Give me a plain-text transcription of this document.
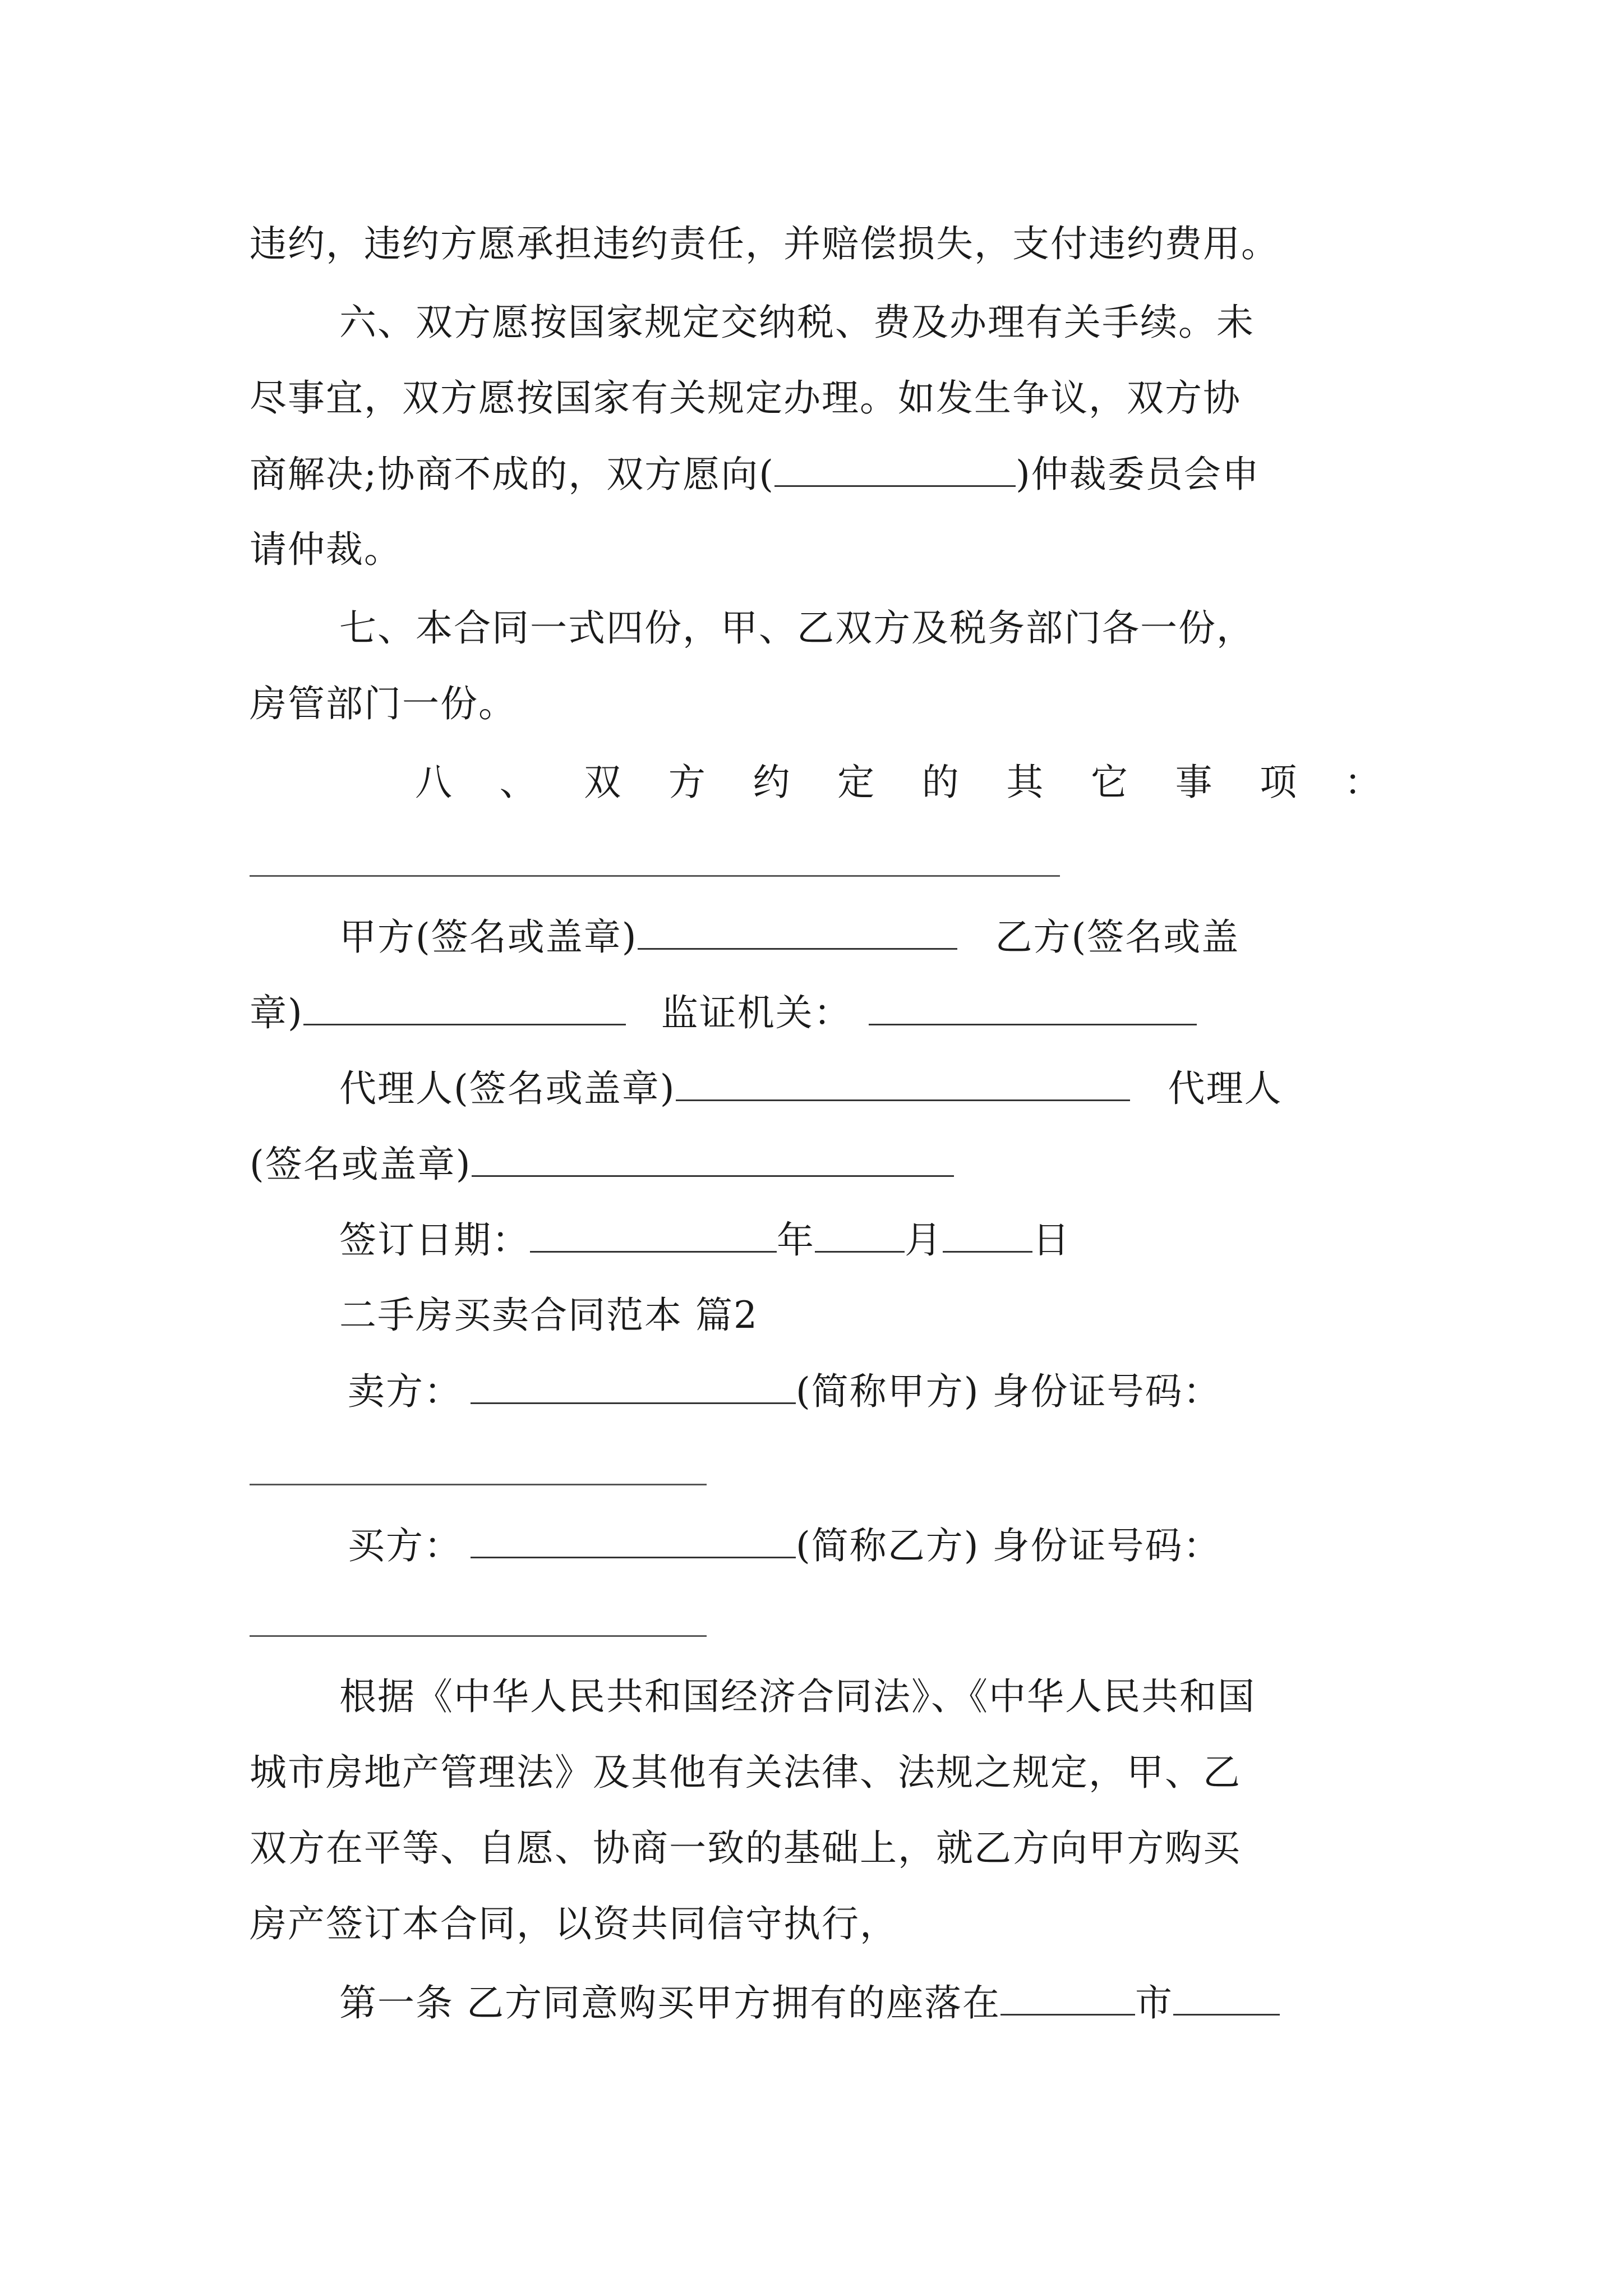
违约，违约方愿承担违约责任，并赔偿损失，支付违约费用。
六、双方愿按国家规定交纳税、费及办理有关手续。未
尽事宜，双方愿按国家有关规定办理。如发生争议，双方协
商解决;协商不成的，双方愿向(	)仲裁委员会申
请仲裁。
七、本合同一式四份，甲、乙双方及税务部门各一份，
房管部门一份。
八 、 双 方 约 定 的 其 它 事 项 ：
甲方(签名或盖章)	乙方(签名或盖
章)	监证机关：
代理人(签名或盖章)	代理人
(签名或盖章)
签订日期：	年 月 日
二手房买卖合同范本 篇2
卖方：	(简称甲方) 身份证号码：
买方：	(简称乙方) 身份证号码：
根据《中华人民共和国经济合同法》、《中华人民共和国
城市房地产管理法》及其他有关法律、法规之规定，甲、乙
双方在平等、自愿、协商一致的基础上，就乙方向甲方购买
房产签订本合同，以资共同信守执行，
第一条 乙方同意购买甲方拥有的座落在	市
